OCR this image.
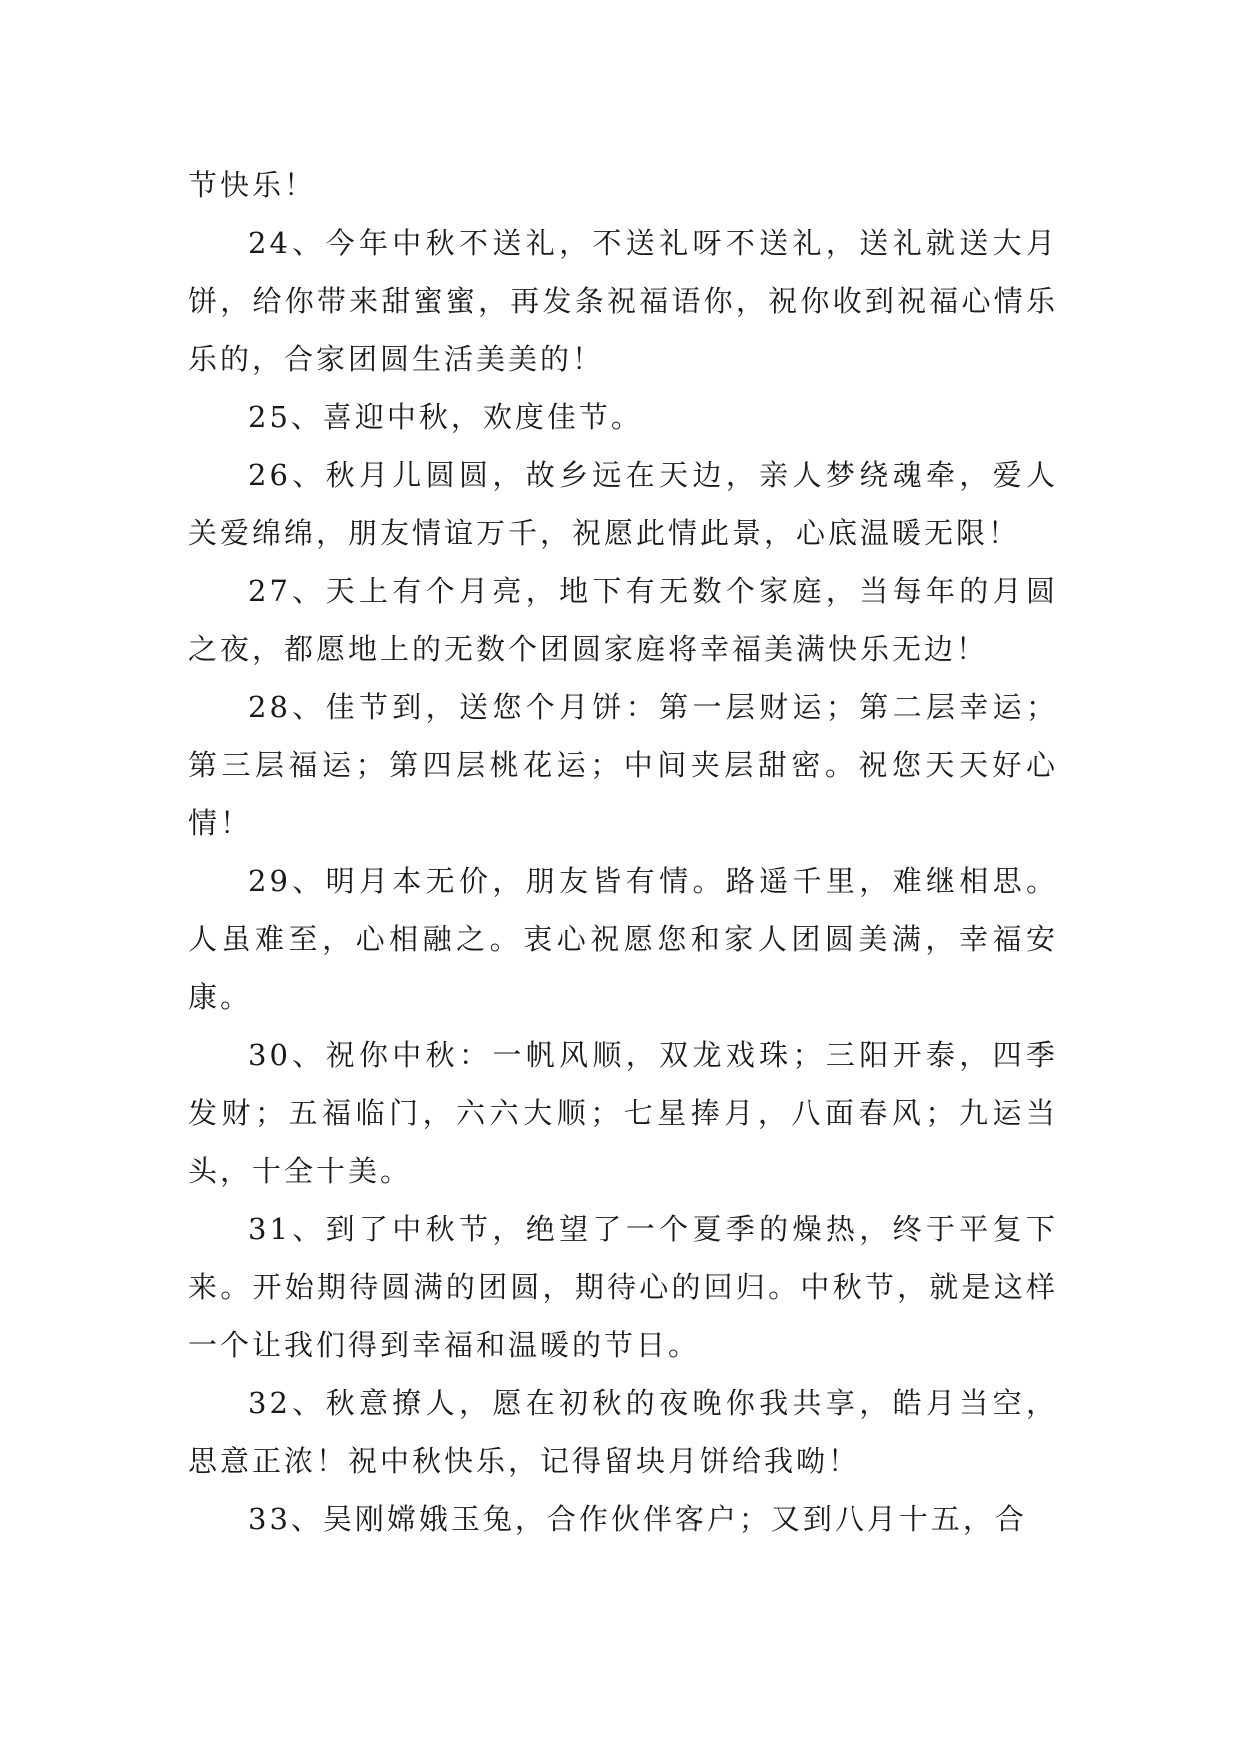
节快乐！

24、今年中秋不送礼，不送礼呀不送礼，送礼就送大月饼，给你带来甜蜜蜜，再发条祝福语你，祝你收到祝福心情乐乐的，合家团圆生活美美的！

25、喜迎中秋，欢度佳节。

26、秋月儿圆圆，故乡远在天边，亲人梦绕魂牵，爱人关爱绵绵，朋友情谊万千，祝愿此情此景，心底温暖无限！

27、天上有个月亮，地下有无数个家庭，当每年的月圆之夜，都愿地上的无数个团圆家庭将幸福美满快乐无边！

28、佳节到，送您个月饼：第一层财运；第二层幸运；第三层福运；第四层桃花运；中间夹层甜密。祝您天天好心情！

29、明月本无价，朋友皆有情。路遥千里，难继相思。人虽难至，心相融之。衷心祝愿您和家人团圆美满，幸福安康。

30、祝你中秋：一帆风顺，双龙戏珠；三阳开泰，四季发财；五福临门，六六大顺；七星捧月，八面春风；九运当头，十全十美。

31、到了中秋节，绝望了一个夏季的燥热，终于平复下来。开始期待圆满的团圆，期待心的回归。中秋节，就是这样一个让我们得到幸福和温暖的节日。

32、秋意撩人，愿在初秋的夜晚你我共享，皓月当空，思意正浓！祝中秋快乐，记得留块月饼给我呦！

33、吴刚嫦娥玉兔，合作伙伴客户；又到八月十五，合
